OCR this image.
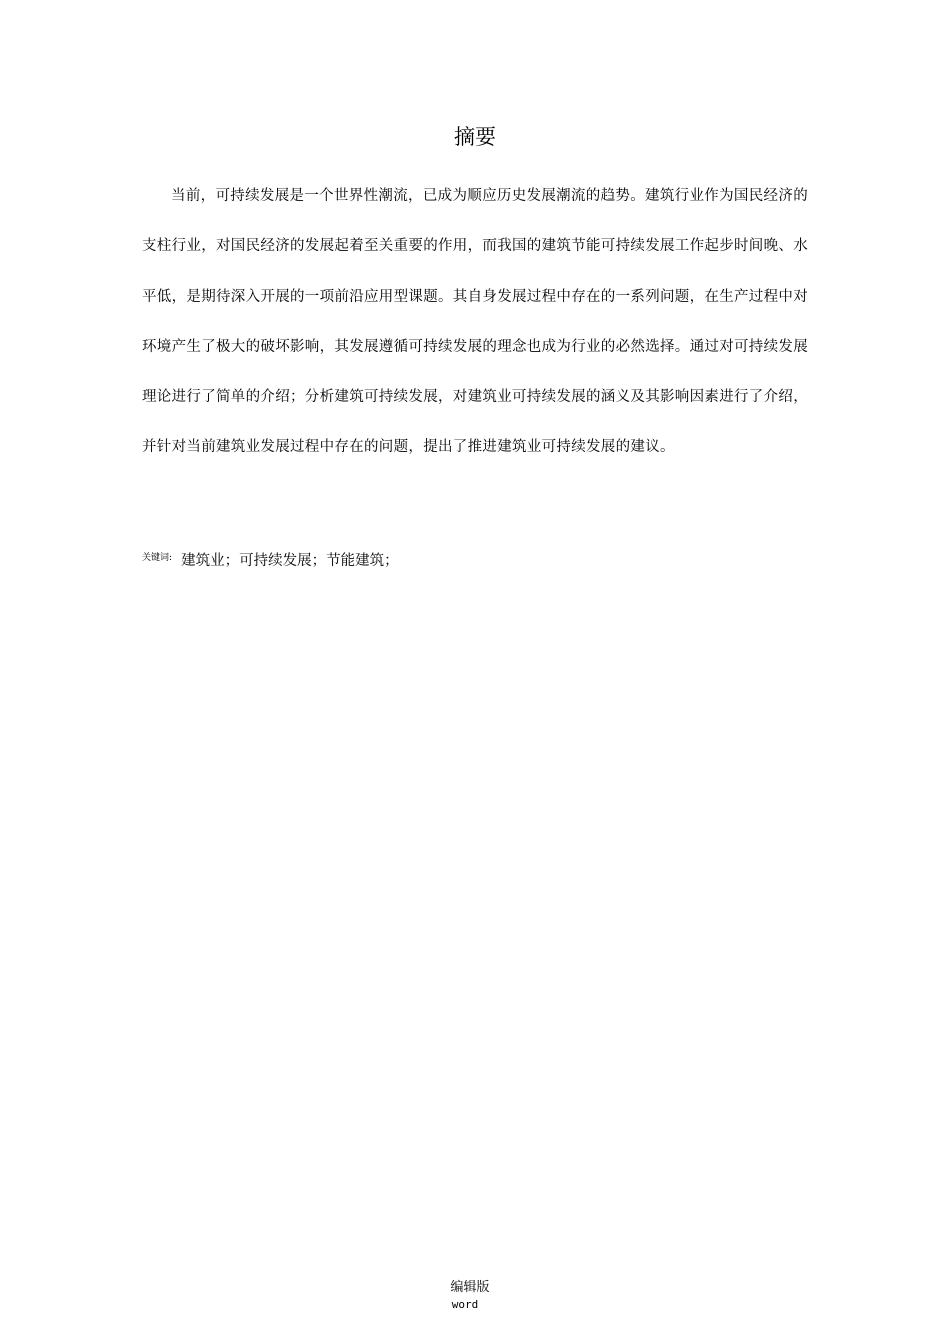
摘要

当前，可持续发展是一个世界性潮流，已成为顺应历史发展潮流的趋势。建筑行业作为国民经济的支柱行业，对国民经济的发展起着至关重要的作用，而我国的建筑节能可持续发展工作起步时间晚、水平低，是期待深入开展的一项前沿应用型课题。其自身发展过程中存在的一系列问题，在生产过程中对环境产生了极大的破坏影响，其发展遵循可持续发展的理念也成为行业的必然选择。通过对可持续发展理论进行了简单的介绍；分析建筑可持续发展，对建筑业可持续发展的涵义及其影响因素进行了介绍，并针对当前建筑业发展过程中存在的问题，提出了推进建筑业可持续发展的建议。

$^{关键词:}$ 建筑业；可持续发展；节能建筑；
编辑版
word
